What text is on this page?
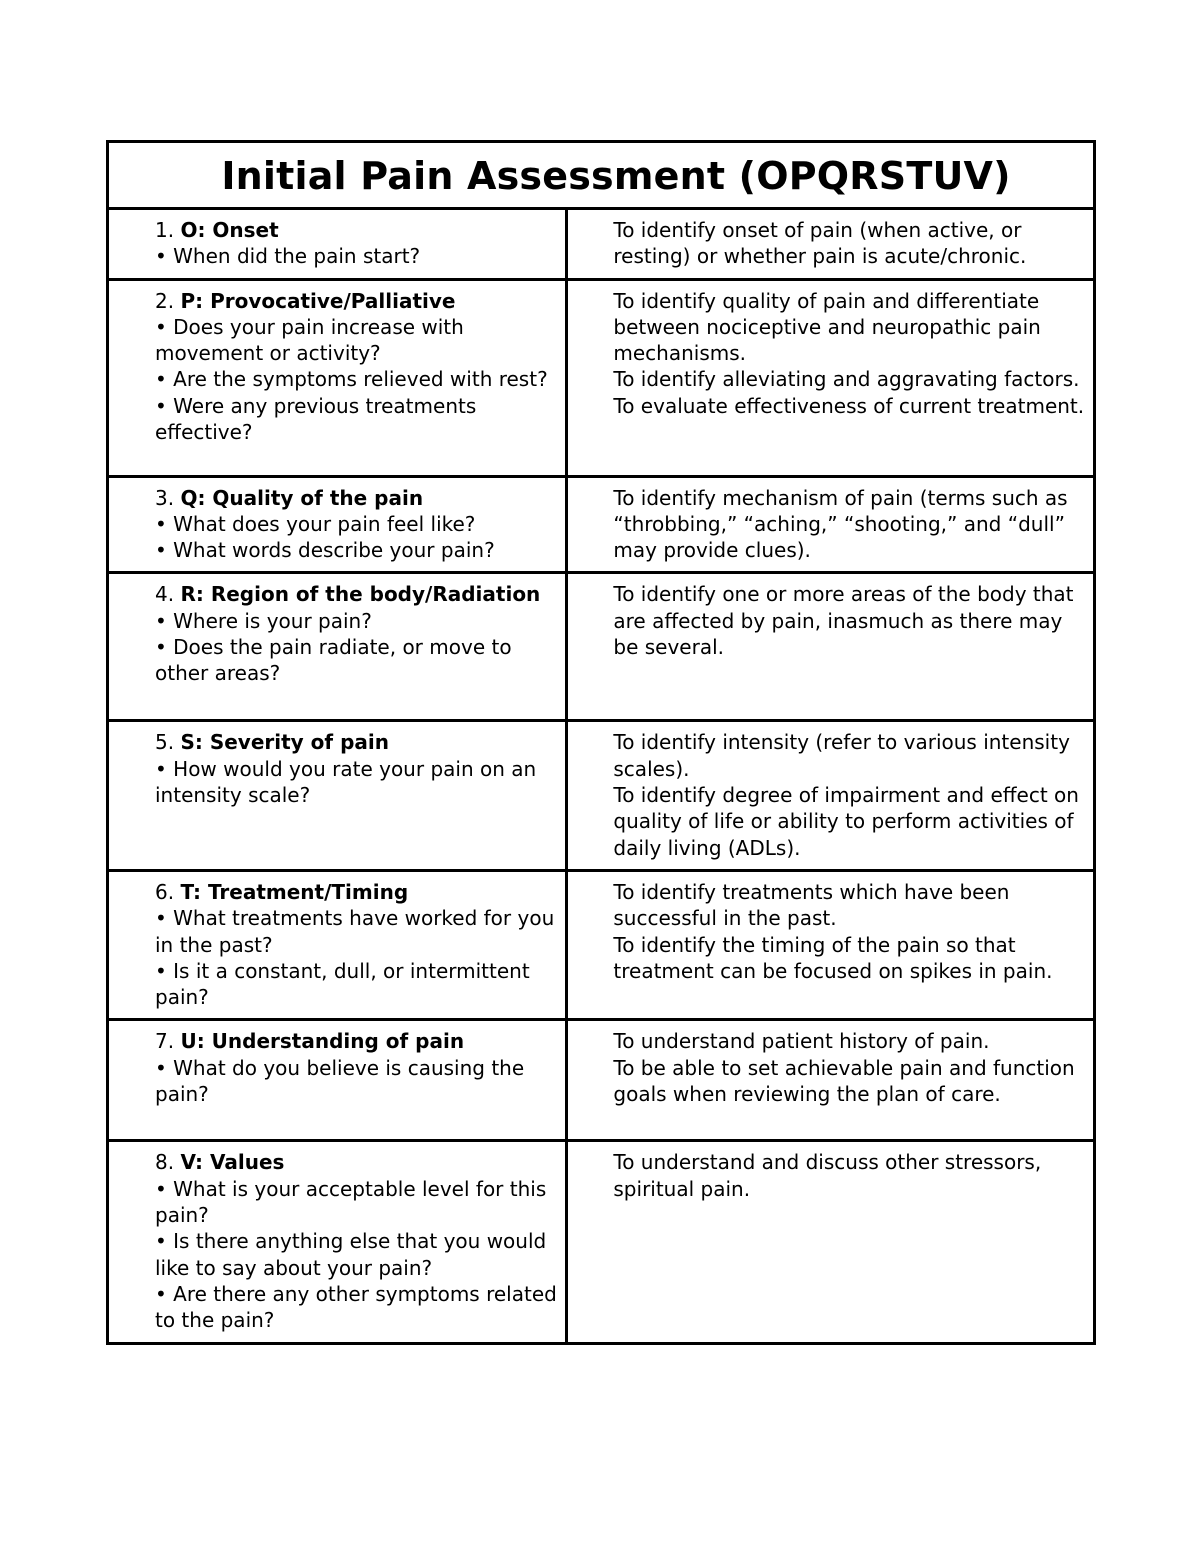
Initial Pain Assessment (OPQRSTUV)	

1. O: Onset
• When did the pain start?	To identify onset of pain (when active, or resting) or whether pain is acute/chronic.

2. P: Provocative/Palliative
• Does your pain increase with movement or activity?
• Are the symptoms relieved with rest?
• Were any previous treatments effective?	To identify quality of pain and differentiate between nociceptive and neuropathic pain mechanisms.
To identify alleviating and aggravating factors.
To evaluate effectiveness of current treatment.

3. Q: Quality of the pain
• What does your pain feel like?
• What words describe your pain?	To identify mechanism of pain (terms such as “throbbing,” “aching,” “shooting,” and “dull” may provide clues).

4. R: Region of the body/Radiation
• Where is your pain?
• Does the pain radiate, or move to other areas?	To identify one or more areas of the body that are affected by pain, inasmuch as there may be several.

5. S: Severity of pain
• How would you rate your pain on an intensity scale?	To identify intensity (refer to various intensity scales).
To identify degree of impairment and effect on quality of life or ability to perform activities of daily living (ADLs).

6. T: Treatment/Timing
• What treatments have worked for you in the past?
• Is it a constant, dull, or intermittent pain?	To identify treatments which have been successful in the past.
To identify the timing of the pain so that treatment can be focused on spikes in pain.

7. U: Understanding of pain
• What do you believe is causing the pain?	To understand patient history of pain.
To be able to set achievable pain and function goals when reviewing the plan of care.

8. V: Values
• What is your acceptable level for this pain?
• Is there anything else that you would like to say about your pain?
• Are there any other symptoms related to the pain?	To understand and discuss other stressors, spiritual pain.
